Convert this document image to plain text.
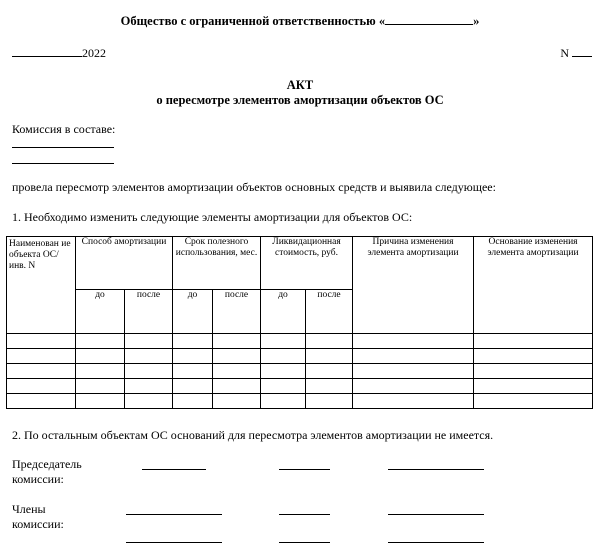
Общество с ограниченной ответственностью «	»
2022	N
АКТ
о пересмотре элементов амортизации объектов ОС
Комиссия в составе:
провела пересмотр элементов амортизации объектов основных средств и выявила следующее:
1. Необходимо изменить следующие элементы амортизации для объектов ОС:
Наименован ие объекта ОС/ инв. N	Способ амортизации		Срок полезного использования, мес.		Ликвидационная стоимость, руб.		Причина изменения элемента амортизации	Основание изменения элемента амортизации
	до	после	до	после	до	после		

2. По остальным объектам ОС оснований для пересмотра элементов амортизации не имеется.
Председатель
комиссии:
Члены
комиссии:
